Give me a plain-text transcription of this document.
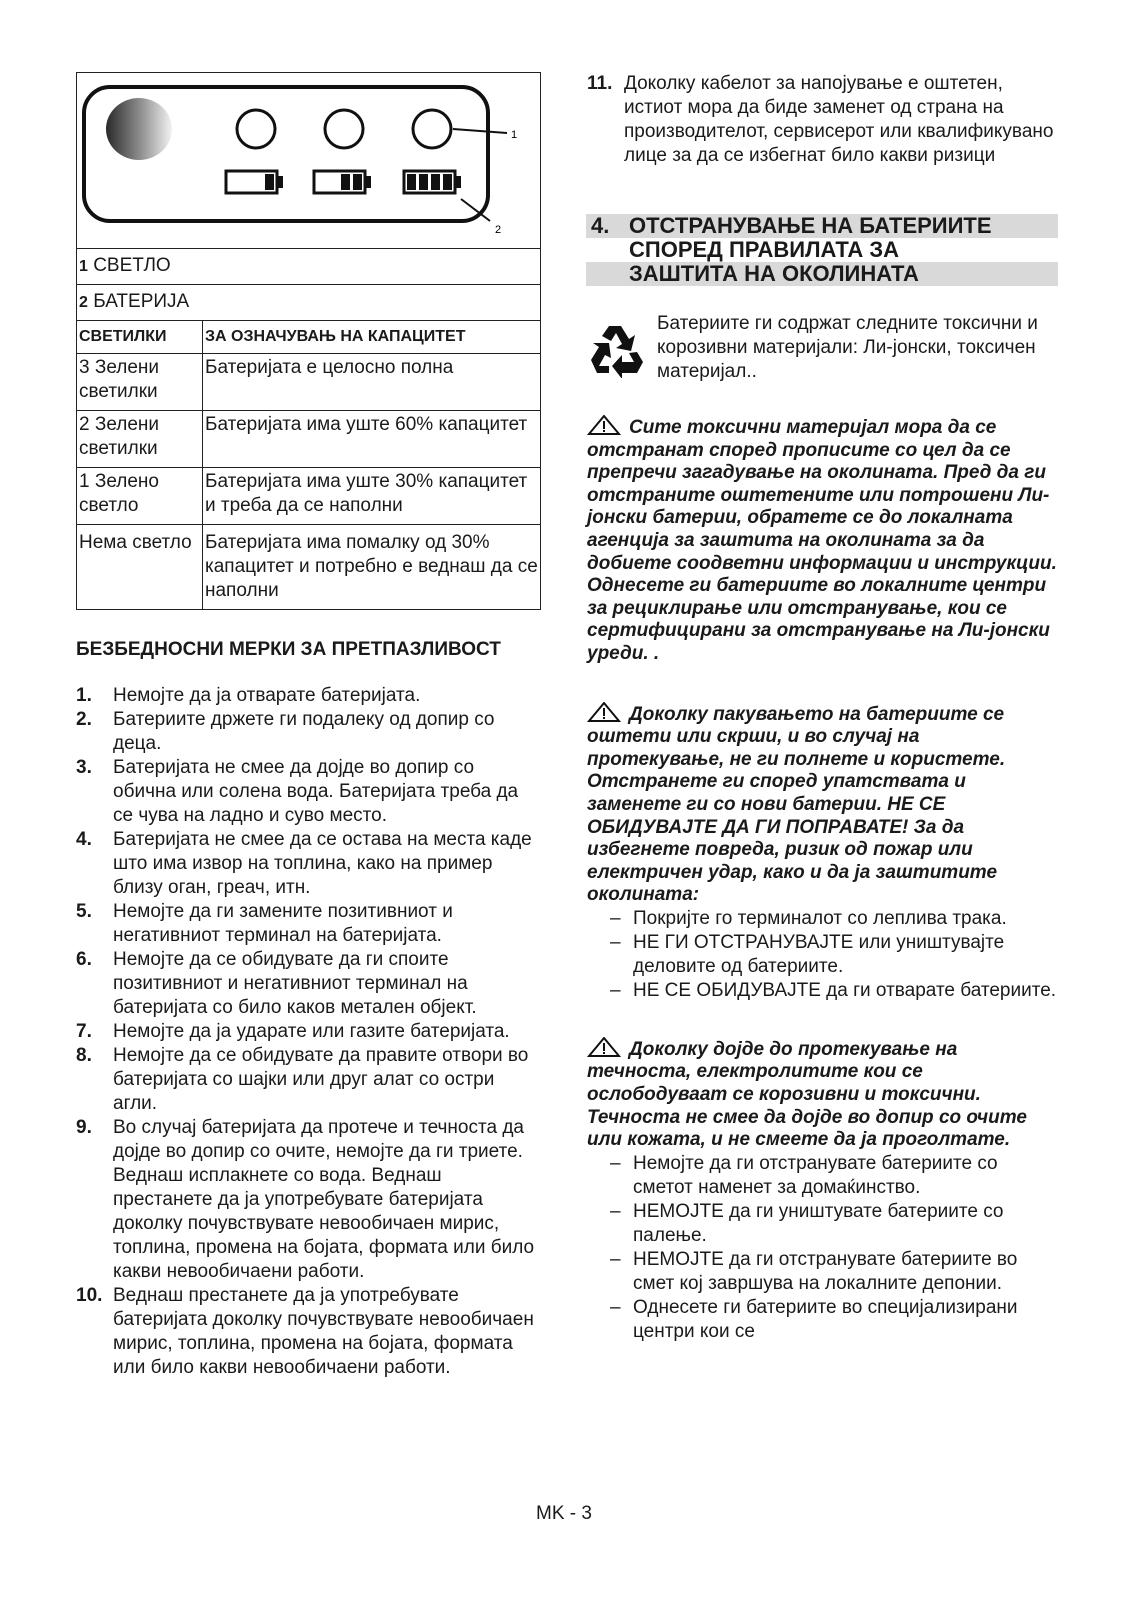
1
2	

1 СВЕТЛО	
2 БАТЕРИЈА	
СВЕТИЛКИ	ЗА ОЗНАЧУВАЊ НА КАПАЦИТЕТ
3 Зелени светилки	Батеријата е целосно полна
2 Зелени светилки	Батеријата има уште 60% капацитет
1 Зелено светло	Батеријата има уште 30% капацитет и треба да се наполни
Нема светло	Батеријата има помалку од 30% капацитет и потребно е веднаш да се наполни
БЕЗБЕДНОСНИ МЕРКИ ЗА ПРЕТПАЗЛИВОСТ
1. Немојте да ја отварате батеријата.
2. Батериите држете ги подалеку од допир со деца.
3. Батеријата не смее да дојде во допир со обична или солена вода. Батеријата треба да се чува на ладно и суво место.
4. Батеријата не смее да се остава на места каде што има извор на топлина, како на пример близу оган, греач, итн.
5. Немојте да ги замените позитивниот и негативниот терминал на батеријата.
6. Немојте да се обидувате да ги споите позитивниот и негативниот терминал на батеријата со било каков метален објект.
7. Немојте да ја ударате или газите батеријата.
8. Немојте да се обидувате да правите отвори во батеријата со шајки или друг алат со остри агли.
9. Во случај батеријата да протече и течноста да дојде во допир со очите, немојте да ги триете. Веднаш исплакнете со вода. Веднаш престанете да ја употребувате батеријата доколку почувствувате невообичаен мирис, топлина, промена на бојата, формата или било какви невообичаени работи.
10. Веднаш престанете да ја употребувате батеријата доколку почувствувате невообичаен мирис, топлина, промена на бојата, формата или било какви невообичаени работи.
11. Доколку кабелот за напојување е оштетен, истиот мора да биде заменет од страна на производителот, сервисерот или квалификувано лице за да се избегнат било какви ризици
4. ОТСТРАНУВАЊЕ НА БАТЕРИИТЕ
СПОРЕД ПРАВИЛАТА ЗА
ЗАШТИТА НА ОКОЛИНАТА
Батериите ги содржат следните токсични и корозивни материјали: Ли-јонски, токсичен материјал..
Сите токсични материјал мора да се отстранат според прописите со цел да се препречи загадување на околината. Пред да ги отстраните оштетените или потрошени Ли-јонски батерии, обратете се до локалната агенција за заштита на околината за да добиете соодветни информации и инструкции. Однесете ги батериите во локалните центри за рециклирање или отстранување, кои се сертифицирани за отстранување на Ли-јонски уреди. .
Доколку пакувањето на батериите се оштети или скрши, и во случај на протекување, не ги полнете и користете. Отстранете ги според упатствата и заменете ги со нови батерии. НЕ СЕ ОБИДУВАЈТЕ ДА ГИ ПОПРАВАТЕ! За да избегнете повреда, ризик од пожар или електричен удар, како и да ја заштитите околината:
– Покријте го терминалот со леплива трака.
– НЕ ГИ ОТСТРАНУВАЈТЕ или уништувајте деловите од батериите.
– НЕ СЕ ОБИДУВАЈТЕ да ги отварате батериите.
Доколку дојде до протекување на течноста, електролитите кои се ослободуваат се корозивни и токсични. Течноста не смее да дојде во допир со очите или кожата, и не смеете да ја проголтате.
– Немојте да ги отстранувате батериите со сметот наменет за домаќинство.
– НЕМОЈТЕ да ги уништувате батериите со палење.
– НЕМОЈТЕ да ги отстранувате батериите во смет кој завршува на локалните депонии.
– Однесете ги батериите во специјализирани центри кои се
MK - 3
